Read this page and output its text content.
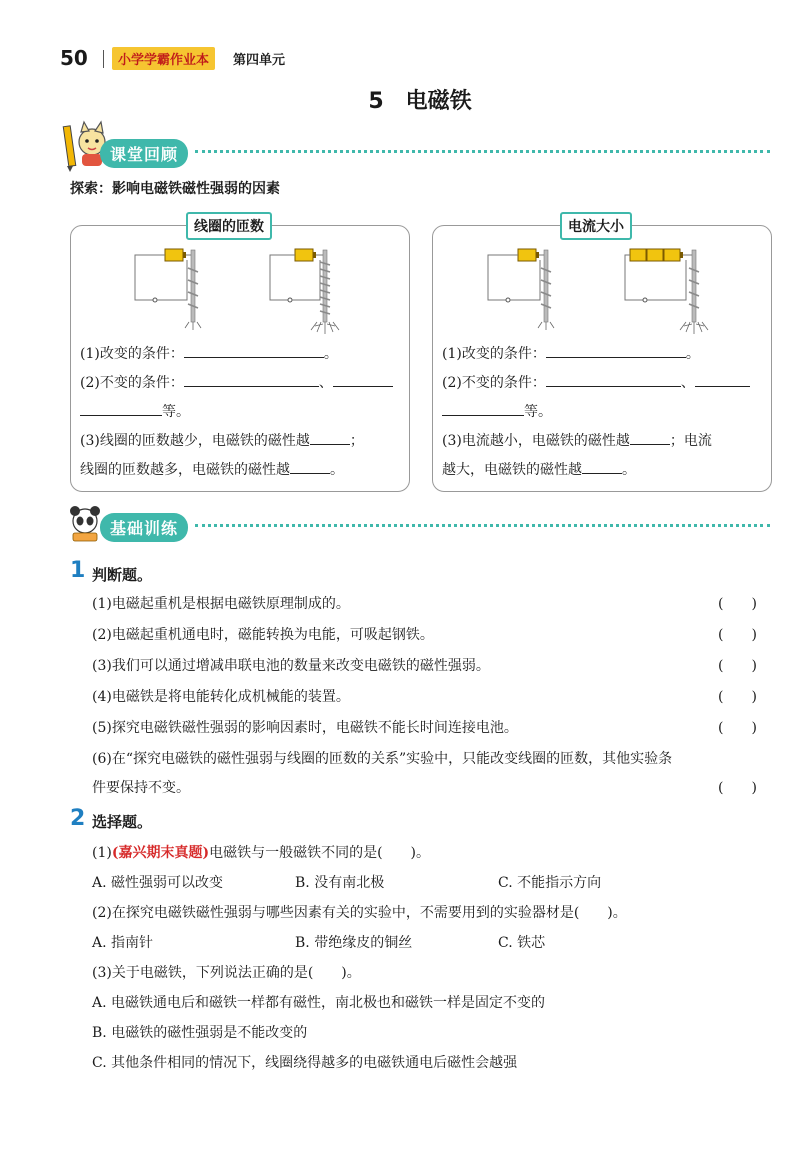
50	小学学霸作业本	第四单元
5　电磁铁
课堂回顾
探索：影响电磁铁磁性强弱的因素
线圈的匝数
(1)改变的条件：	。
(2)不变的条件：	、
等。
(3)线圈的匝数越少，电磁铁的磁性越	；
线圈的匝数越多，电磁铁的磁性越	。
电流大小
(1)改变的条件：	。
(2)不变的条件：	、
等。
(3)电流越小，电磁铁的磁性越	；电流
越大，电磁铁的磁性越	。
基础训练
1 判断题。
(1)电磁起重机是根据电磁铁原理制成的。	(　　)
(2)电磁起重机通电时，磁能转换为电能，可吸起钢铁。	(　　)
(3)我们可以通过增减串联电池的数量来改变电磁铁的磁性强弱。	(　　)
(4)电磁铁是将电能转化成机械能的装置。	(　　)
(5)探究电磁铁磁性强弱的影响因素时，电磁铁不能长时间连接电池。	(　　)
(6)在“探究电磁铁的磁性强弱与线圈的匝数的关系”实验中，只能改变线圈的匝数，其他实验条
件要保持不变。	(　　)
2 选择题。
(1)(嘉兴期末真题)电磁铁与一般磁铁不同的是(　　)。
A. 磁性强弱可以改变	B. 没有南北极	C. 不能指示方向
(2)在探究电磁铁磁性强弱与哪些因素有关的实验中，不需要用到的实验器材是(　　)。
A. 指南针	B. 带绝缘皮的铜丝	C. 铁芯
(3)关于电磁铁，下列说法正确的是(　　)。
A. 电磁铁通电后和磁铁一样都有磁性，南北极也和磁铁一样是固定不变的
B. 电磁铁的磁性强弱是不能改变的
C. 其他条件相同的情况下，线圈绕得越多的电磁铁通电后磁性会越强
